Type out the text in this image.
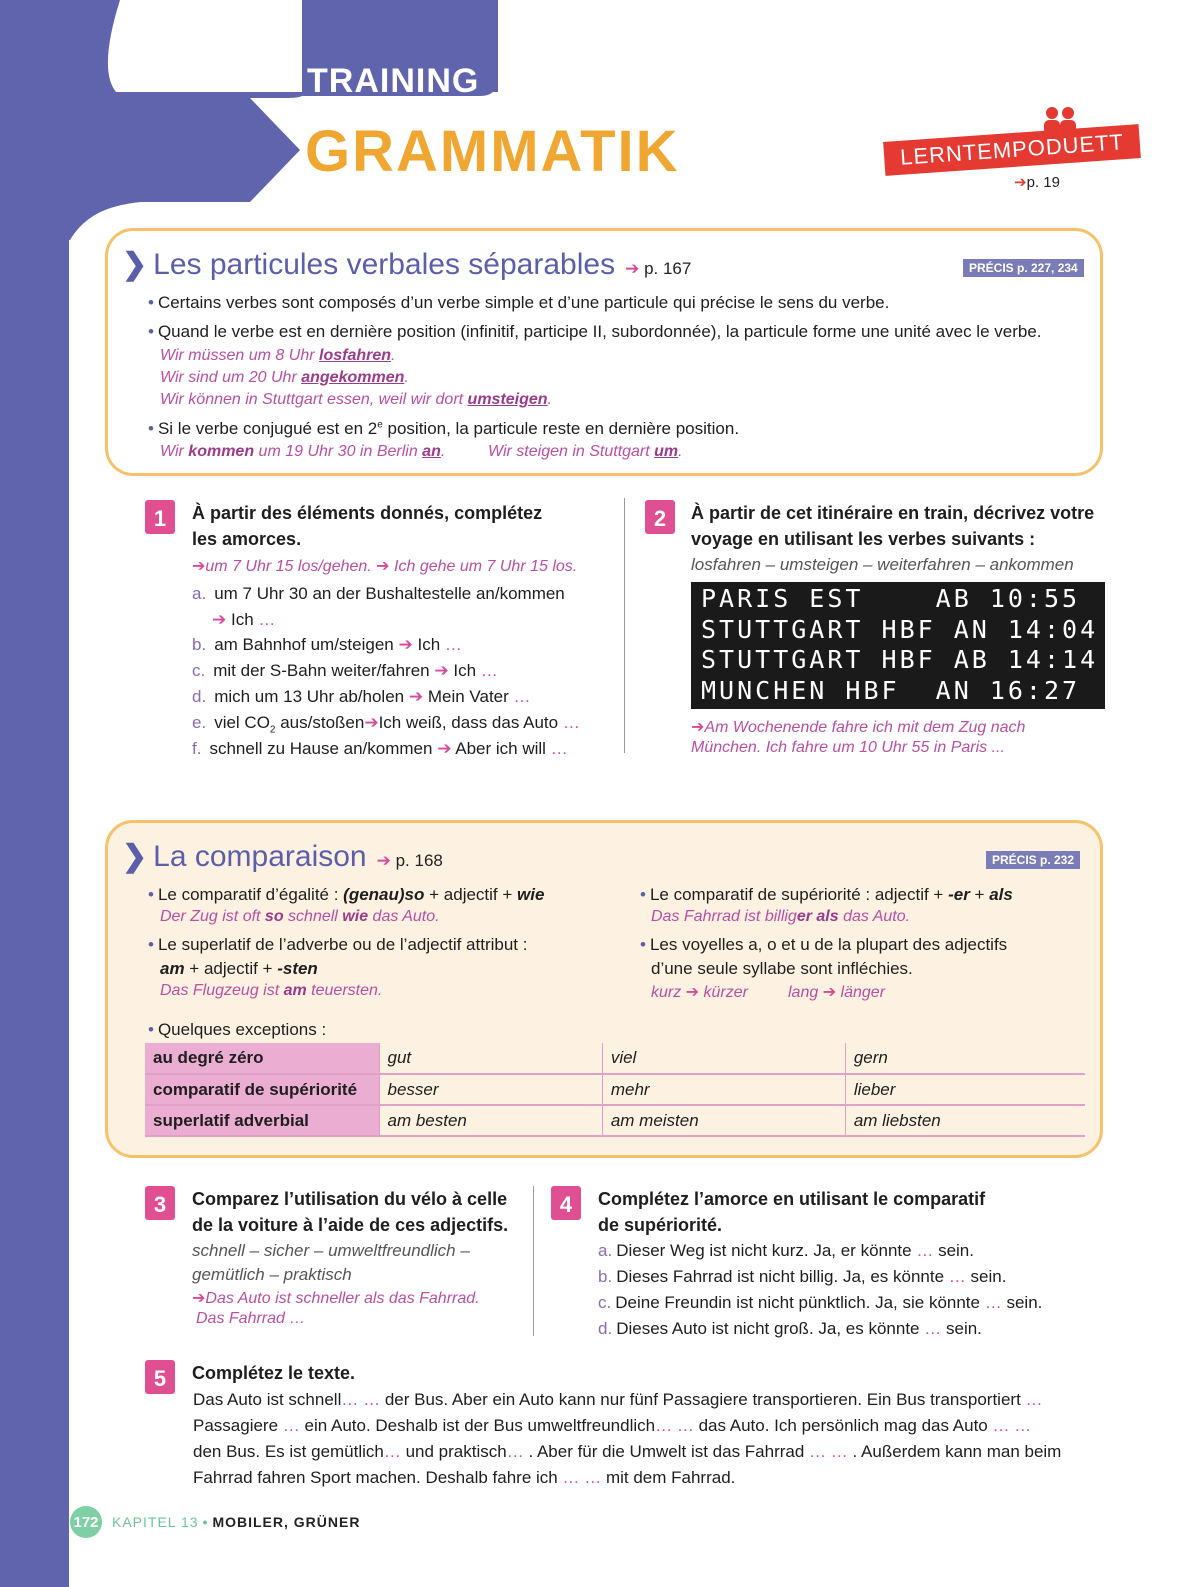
TRAINING
GRAMMATIK	LERNTEMPODUETT
➔p. 19
❯ Les particules verbales séparables ➔ p. 167	PRÉCIS p. 227, 234
• Certains verbes sont composés d’un verbe simple et d’une particule qui précise le sens du verbe.
• Quand le verbe est en dernière position (infinitif, participe II, subordonnée), la particule forme une unité avec le verbe.
Wir müssen um 8 Uhr losfahren.
Wir sind um 20 Uhr angekommen.
Wir können in Stuttgart essen, weil wir dort umsteigen.
• Si le verbe conjugué est en 2e position, la particule reste en dernière position.
Wir kommen um 19 Uhr 30 in Berlin an.	Wir steigen in Stuttgart um.
*
1	À partir des éléments donnés, complétez
les amorces.
➔um 7 Uhr 15 los/gehen. ➔ Ich gehe um 7 Uhr 15 los.
a. um 7 Uhr 30 an der Bushaltestelle an/kommen
➔ Ich …
b. am Bahnhof um/steigen ➔ Ich …
c. mit der S-Bahn weiter/fahren ➔ Ich …
d. mich um 13 Uhr ab/holen ➔ Mein Vater …
e. viel $CO_2$ aus/stoßen➔Ich weiß, dass das Auto …
f. schnell zu Hause an/kommen ➔ Aber ich will …
**
2	À partir de cet itinéraire en train, décrivez votre
voyage en utilisant les verbes suivants :
losfahren – umsteigen – weiterfahren – ankommen
PARIS EST    AB 10:55
STUTTGART HBF AN 14:04
STUTTGART HBF AB 14:14
MUNCHEN HBF  AN 16:27
➔Am Wochenende fahre ich mit dem Zug nach
München. Ich fahre um 10 Uhr 55 in Paris ...
❯ La comparaison ➔ p. 168	PRÉCIS p. 232
• Le comparatif d’égalité : (genau)so + adjectif + wie
Der Zug ist oft so schnell wie das Auto.
• Le superlatif de l’adverbe ou de l’adjectif attribut :
am + adjectif + -sten
Das Flugzeug ist am teuersten.
• Le comparatif de supériorité : adjectif + -er + als
Das Fahrrad ist billiger als das Auto.
• Les voyelles a, o et u de la plupart des adjectifs
d’une seule syllabe sont infléchies.
kurz ➔ kürzer	lang ➔ länger
• Quelques exceptions :
au degré zéro	gut	viel	gern
comparatif de supériorité	besser	mehr	lieber
superlatif adverbial	am besten	am meisten	am liebsten
**
3	Comparez l’utilisation du vélo à celle
de la voiture à l’aide de ces adjectifs.
schnell – sicher – umweltfreundlich –
gemütlich – praktisch
➔Das Auto ist schneller als das Fahrrad.
Das Fahrrad …
**
4	Complétez l’amorce en utilisant le comparatif
de supériorité.
a. Dieser Weg ist nicht kurz. Ja, er könnte … sein.
b. Dieses Fahrrad ist nicht billig. Ja, es könnte … sein.
c. Deine Freundin ist nicht pünktlich. Ja, sie könnte … sein.
d. Dieses Auto ist nicht groß. Ja, es könnte … sein.
***
5	Complétez le texte.
Das Auto ist schnell… … der Bus. Aber ein Auto kann nur fünf Passagiere transportieren. Ein Bus transportiert …
Passagiere … ein Auto. Deshalb ist der Bus umweltfreundlich… … das Auto. Ich persönlich mag das Auto … …
den Bus. Es ist gemütlich… und praktisch… . Aber für die Umwelt ist das Fahrrad … … . Außerdem kann man beim
Fahrrad fahren Sport machen. Deshalb fahre ich … … mit dem Fahrrad.
172 KAPITEL 13 • MOBILER, GRÜNER
